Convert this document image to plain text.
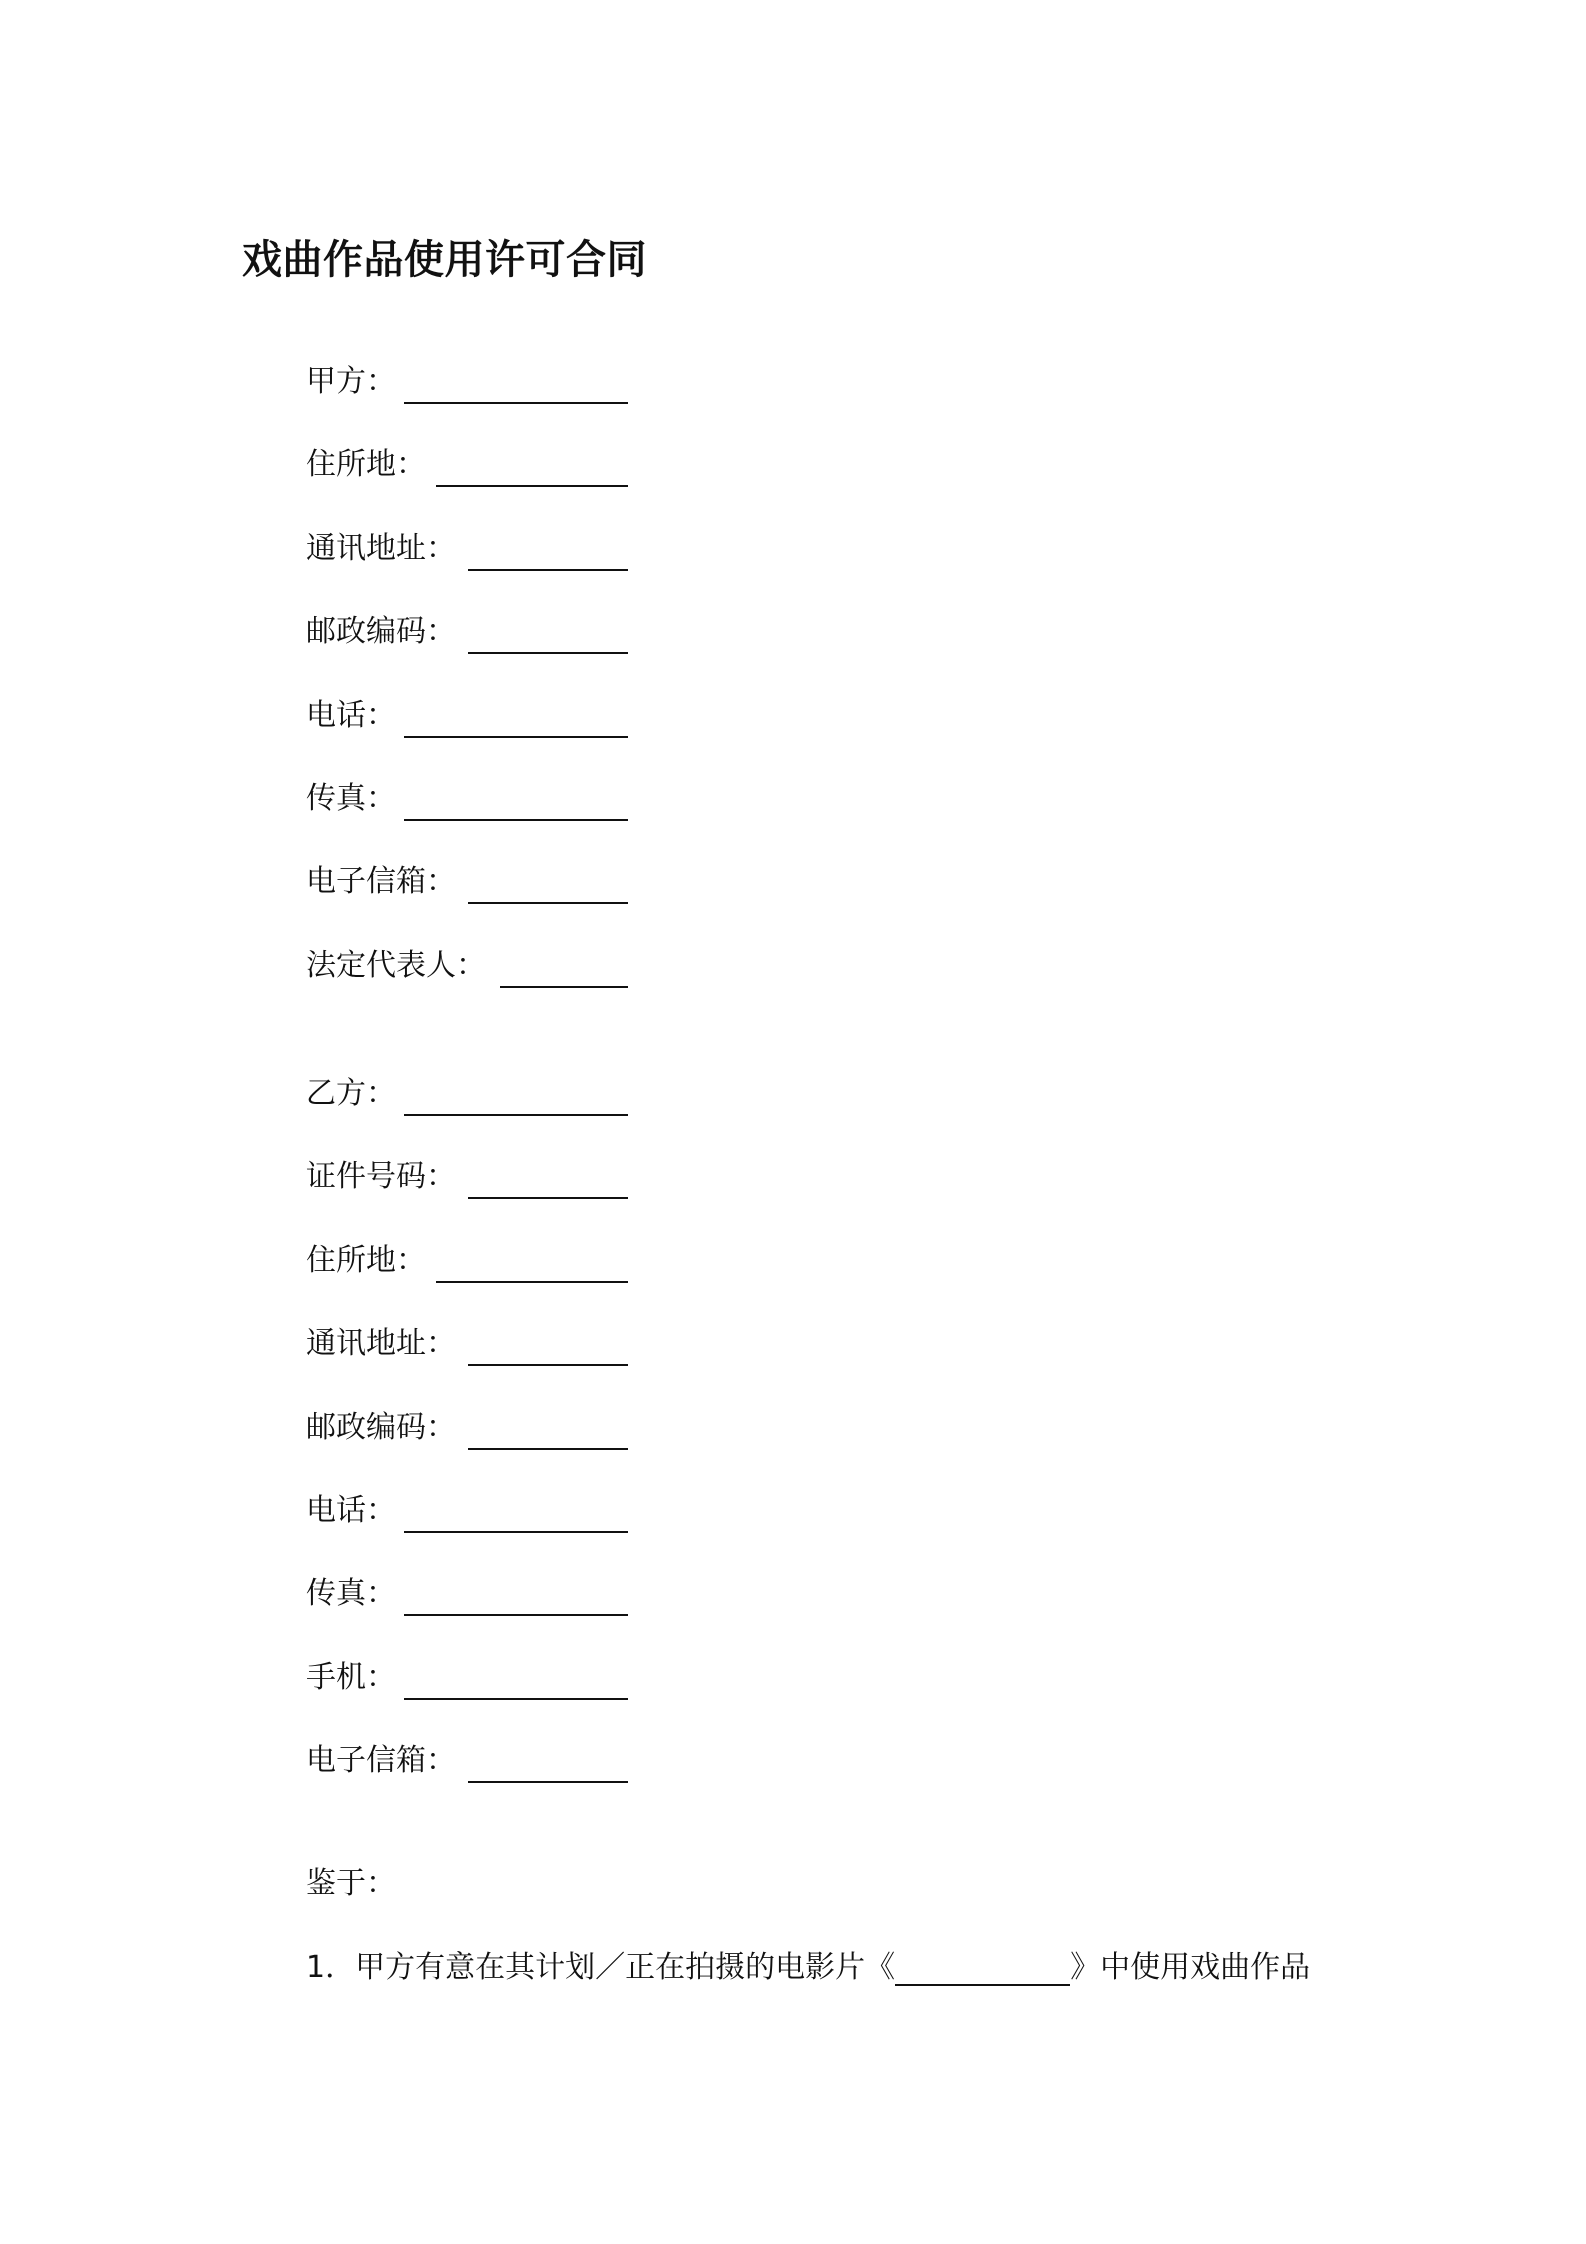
戏曲作品使用许可合同
甲方：
住所地：
通讯地址：
邮政编码：
电话：
传真：
电子信箱：
法定代表人：
乙方：
证件号码：
住所地：
通讯地址：
邮政编码：
电话：
传真：
手机：
电子信箱：
鉴于：
1．甲方有意在其计划／正在拍摄的电影片《	》中使用戏曲作品
